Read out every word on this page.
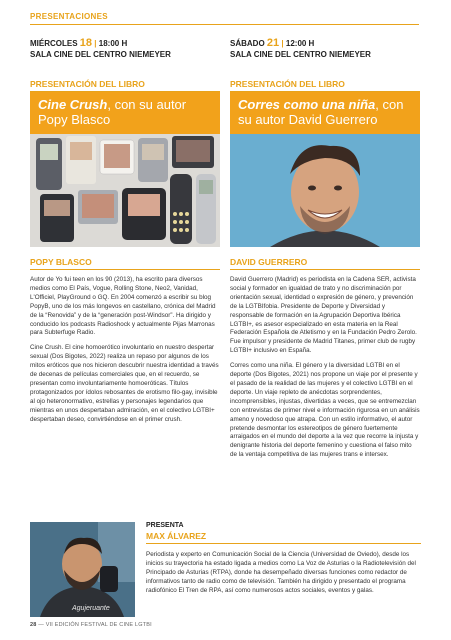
PRESENTACIONES
MIÉRCOLES 18 | 18:00 H
SALA CINE DEL CENTRO NIEMEYER
PRESENTACIÓN DEL LIBRO
Cine Crush, con su autor Popy Blasco
POPY BLASCO

Autor de Yo fui teen en los 90 (2013), ha escrito para diversos medios como El País, Vogue, Rolling Stone, Neo2, Vanidad, L'Officiel, PlayGround o GQ. En 2004 comenzó a escribir su blog PopyB, uno de los más longevos en castellano, crónica del Madrid de la “Renovida” y de la “generación post-Windsor”. Ha dirigido y conducido los podcasts Radioshock y actualmente Pijas Marronas para Subterfuge Radio.

Cine Crush. El cine homoerótico involuntario en nuestro despertar sexual (Dos Bigotes, 2022) realiza un repaso por algunos de los mitos eróticos que nos hicieron descubrir nuestra identidad a través de decenas de películas comerciales que, en el recuerdo, se presentan como involuntariamente homoeróticas. Títulos protagonizados por ídolos rebosantes de erotismo filo-gay, invisible al ojo heteronormativo, estrellas y personajes legendarios que mientras en unos despertaban admiración, en el colectivo LGTBI+ despertaban deseo, convirtiéndose en el primer crush.

SÁBADO 21 | 12:00 H
SALA CINE DEL CENTRO NIEMEYER
PRESENTACIÓN DEL LIBRO
Corres como una niña, con su autor David Guerrero
DAVID GUERRERO

David Guerrero (Madrid) es periodista en la Cadena SER, activista social y formador en igualdad de trato y no discriminación por orientación sexual, identidad o expresión de género, y prevención de la LGTBIfobia. Presidente de Deporte y Diversidad y responsable de formación en la Agrupación Deportiva Ibérica LGTBI+, es asesor especializado en esta materia en la Real Federación Española de Atletismo y en la Fundación Pedro Zerolo. Fue impulsor y presidente de Madrid Titanes, primer club de rugby LGTBI+ inclusivo en España.

Corres como una niña. El género y la diversidad LGTBI en el deporte (Dos Bigotes, 2021) nos propone un viaje por el presente y el pasado de la realidad de las mujeres y el colectivo LGTBI en el deporte. Un viaje repleto de anécdotas sorprendentes, incomprensibles, injustas, divertidas a veces, que se entremezclan con entrevistas de primer nivel e información rigurosa en un análisis ameno y novedoso que atrapa. Con un estilo informativo, el autor pretende desmontar los estereotipos de género fuertemente arraigados en el mundo del deporte a la vez que recorre la injusta y denigrante historia del deporte femenino y cuestiona el falso mito de la ventaja competitiva de las mujeres trans e intersex.

Agujeruante
PRESENTA
MAX ÁLVAREZ
Periodista y experto en Comunicación Social de la Ciencia (Universidad de Oviedo), desde los inicios su trayectoria ha estado ligada a medios como La Voz de Asturias o la Radiotelevisión del Principado de Asturias (RTPA), donde ha desempeñado diversas funciones como redactor de informativos tanto de radio como de televisión. También ha dirigido y presentado el programa radiofónico El Tren de RPA, así como numerosos actos sociales, eventos y galas.
28 — VII EDICIÓN FESTIVAL DE CINE LGTBI
